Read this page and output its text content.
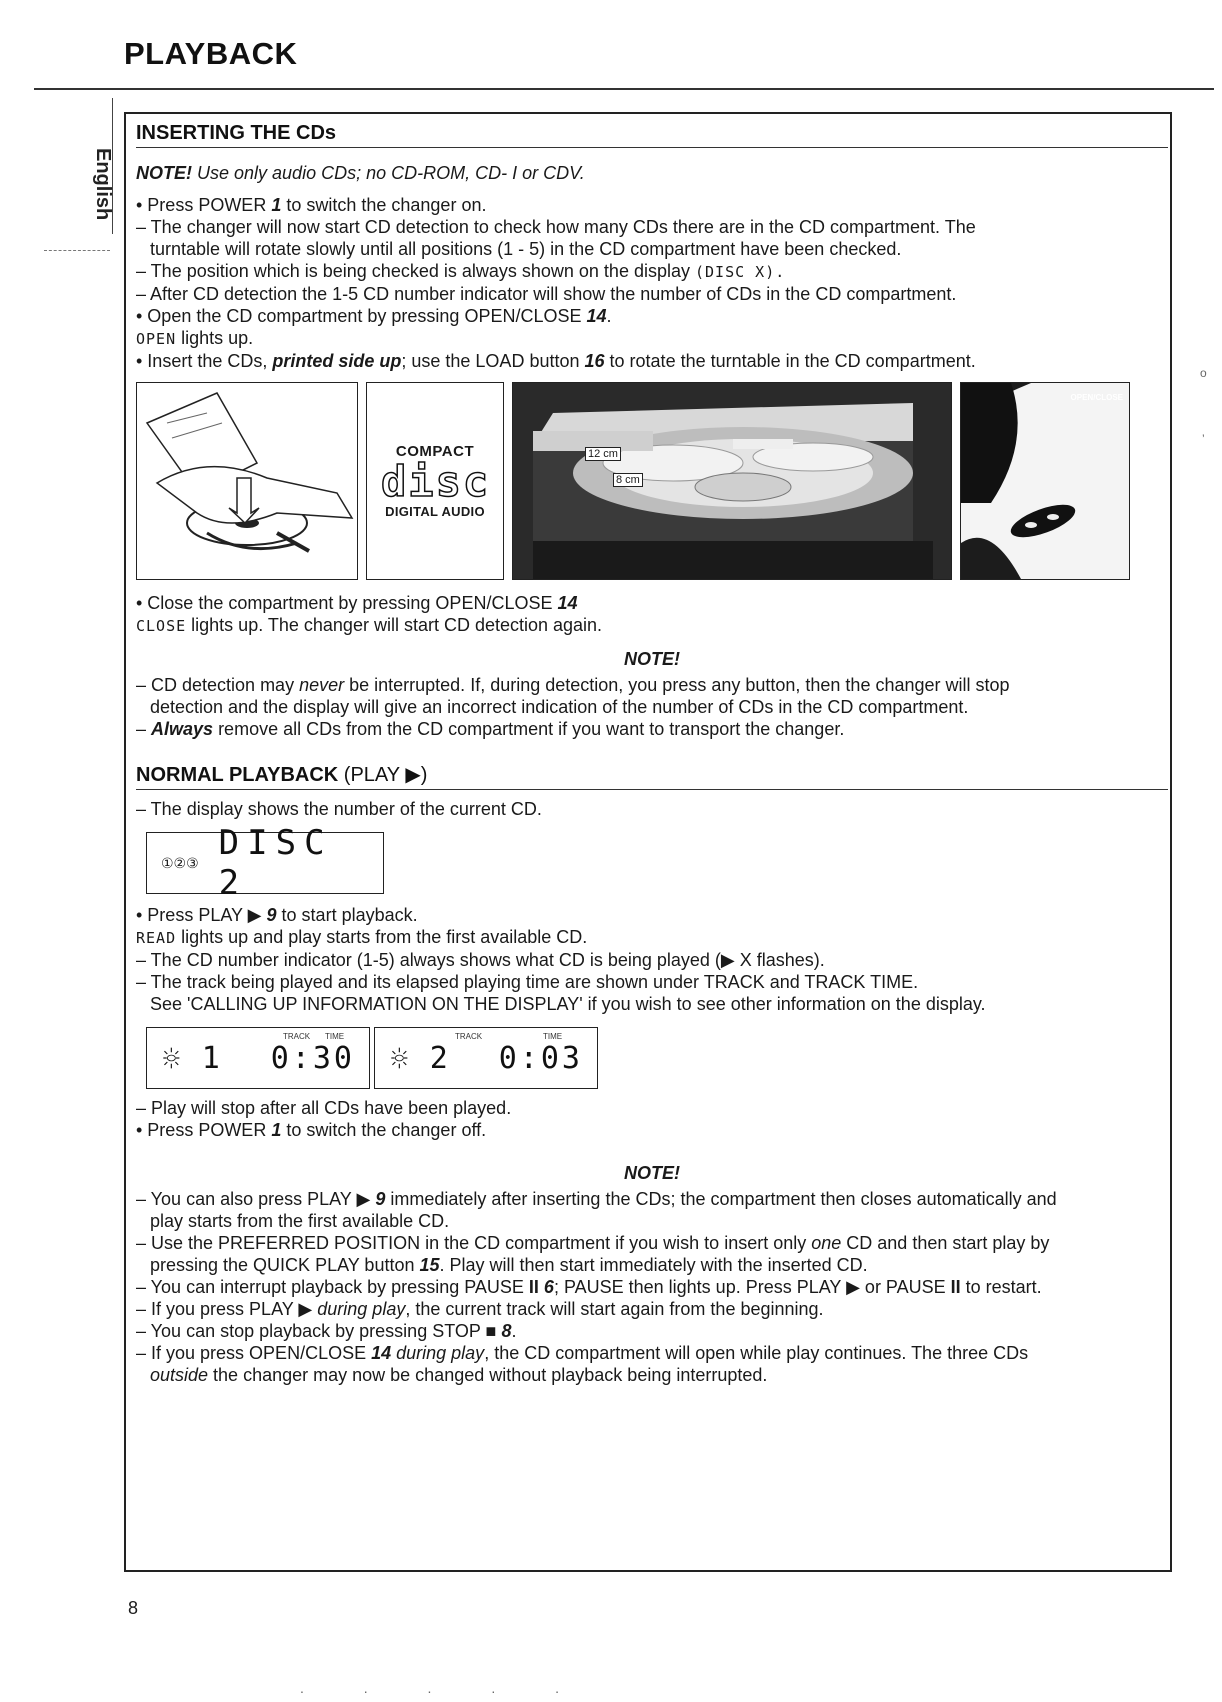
PLAYBACK
English
o
’
INSERTING THE CDs

NOTE! Use only audio CDs; no CD-ROM, CD- I or CDV.

• Press POWER 1 to switch the changer on.

– The changer will now start CD detection to check how many CDs there are in the CD compartment. The

turntable will rotate slowly until all positions (1 - 5) in the CD compartment have been checked.

– The position which is being checked is always shown on the display (DISC X).

– After CD detection the 1-5 CD number indicator will show the number of CDs in the CD compartment.

• Open the CD compartment by pressing OPEN/CLOSE 14.

OPEN lights up.

• Insert the CDs, printed side up; use the LOAD button 16 to rotate the turntable in the CD compartment.

COMPACT
disc
DIGITAL AUDIO
12 cm
8 cm
OPEN/CLOSE

• Close the compartment by pressing OPEN/CLOSE 14

CLOSE lights up. The changer will start CD detection again.

NOTE!

– CD detection may never be interrupted. If, during detection, you press any button, then the changer will stop

detection and the display will give an incorrect indication of the number of CDs in the CD compartment.

– Always remove all CDs from the CD compartment if you want to transport the changer.

NORMAL PLAYBACK (PLAY ▶)

– The display shows the number of the current CD.

①②③ DISC 2

• Press PLAY ▶ 9 to start playback.

READ lights up and play starts from the first available CD.

– The CD number indicator (1-5) always shows what CD is being played (▶ X flashes).

– The track being played and its elapsed playing time are shown under TRACK and TRACK TIME.

See 'CALLING UP INFORMATION ON THE DISPLAY' if you wish to see other information on the display.

TRACK TIME
1 0:30
TRACK	TIME
2 0:03

– Play will stop after all CDs have been played.

• Press POWER 1 to switch the changer off.

NOTE!

– You can also press PLAY ▶ 9 immediately after inserting the CDs; the compartment then closes automatically and

play starts from the first available CD.

– Use the PREFERRED POSITION in the CD compartment if you wish to insert only one CD and then start play by

pressing the QUICK PLAY button 15. Play will then start immediately with the inserted CD.

– You can interrupt playback by pressing PAUSE II 6; PAUSE then lights up. Press PLAY ▶ or PAUSE II to restart.

– If you press PLAY ▶ during play, the current track will start again from the beginning.

– You can stop playback by pressing STOP ■ 8.

– If you press OPEN/CLOSE 14 during play, the CD compartment will open while play continues. The three CDs

outside the changer may now be changed without playback being interrupted.

8
. . . . .
